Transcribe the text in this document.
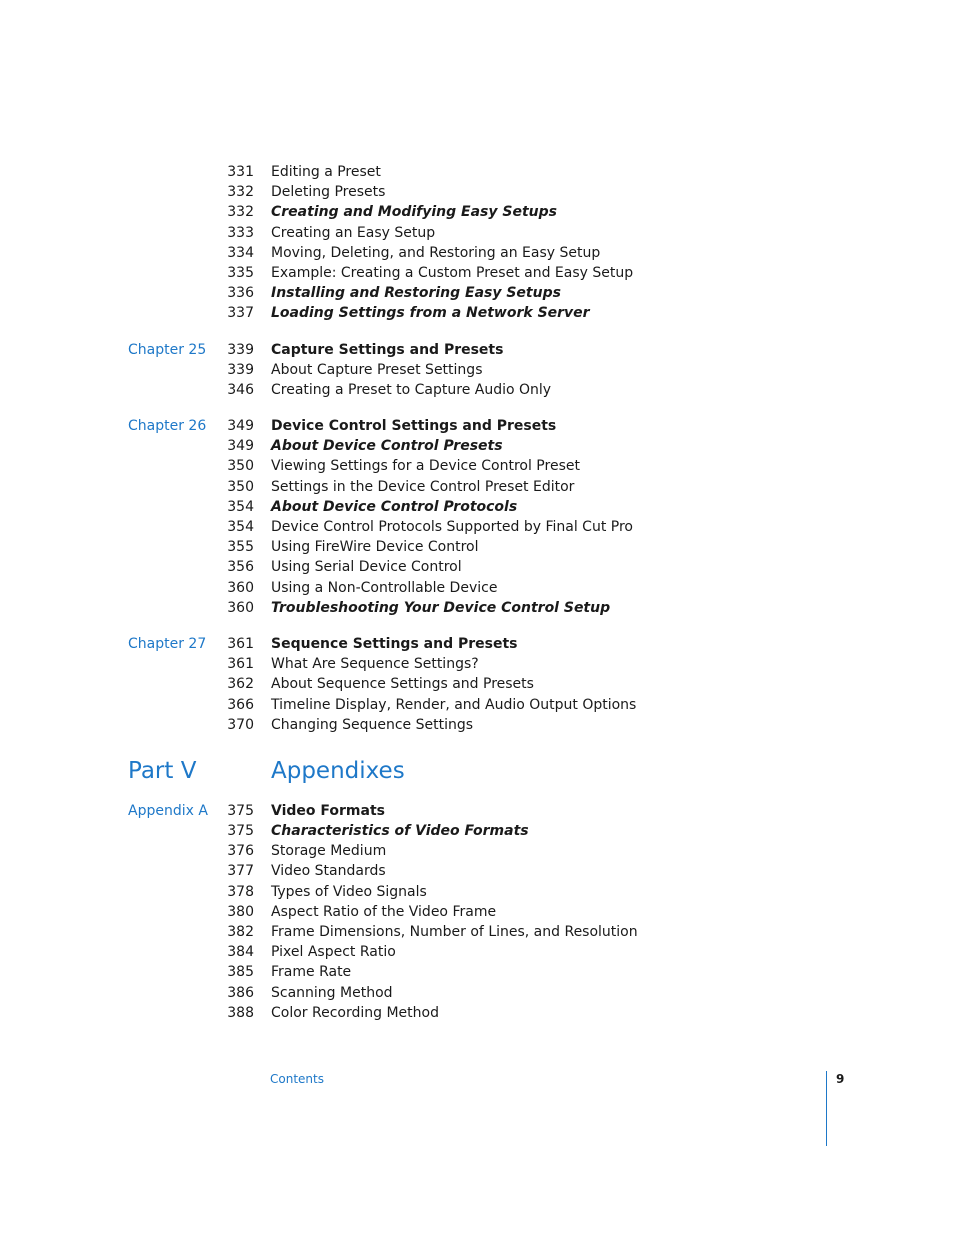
331 Editing a Preset
332 Deleting Presets
332 Creating and Modifying Easy Setups
333 Creating an Easy Setup
334 Moving, Deleting, and Restoring an Easy Setup
335 Example: Creating a Custom Preset and Easy Setup
336 Installing and Restoring Easy Setups
337 Loading Settings from a Network Server
Chapter 25	339 Capture Settings and Presets
339 About Capture Preset Settings
346 Creating a Preset to Capture Audio Only
Chapter 26	349 Device Control Settings and Presets
349 About Device Control Presets
350 Viewing Settings for a Device Control Preset
350 Settings in the Device Control Preset Editor
354 About Device Control Protocols
354 Device Control Protocols Supported by Final Cut Pro
355 Using FireWire Device Control
356 Using Serial Device Control
360 Using a Non-Controllable Device
360 Troubleshooting Your Device Control Setup
Chapter 27	361 Sequence Settings and Presets
361 What Are Sequence Settings?
362 About Sequence Settings and Presets
366 Timeline Display, Render, and Audio Output Options
370 Changing Sequence Settings
Part V	Appendixes
Appendix A	375 Video Formats
375 Characteristics of Video Formats
376 Storage Medium
377 Video Standards
378 Types of Video Signals
380 Aspect Ratio of the Video Frame
382 Frame Dimensions, Number of Lines, and Resolution
384 Pixel Aspect Ratio
385 Frame Rate
386 Scanning Method
388 Color Recording Method
Contents	9
